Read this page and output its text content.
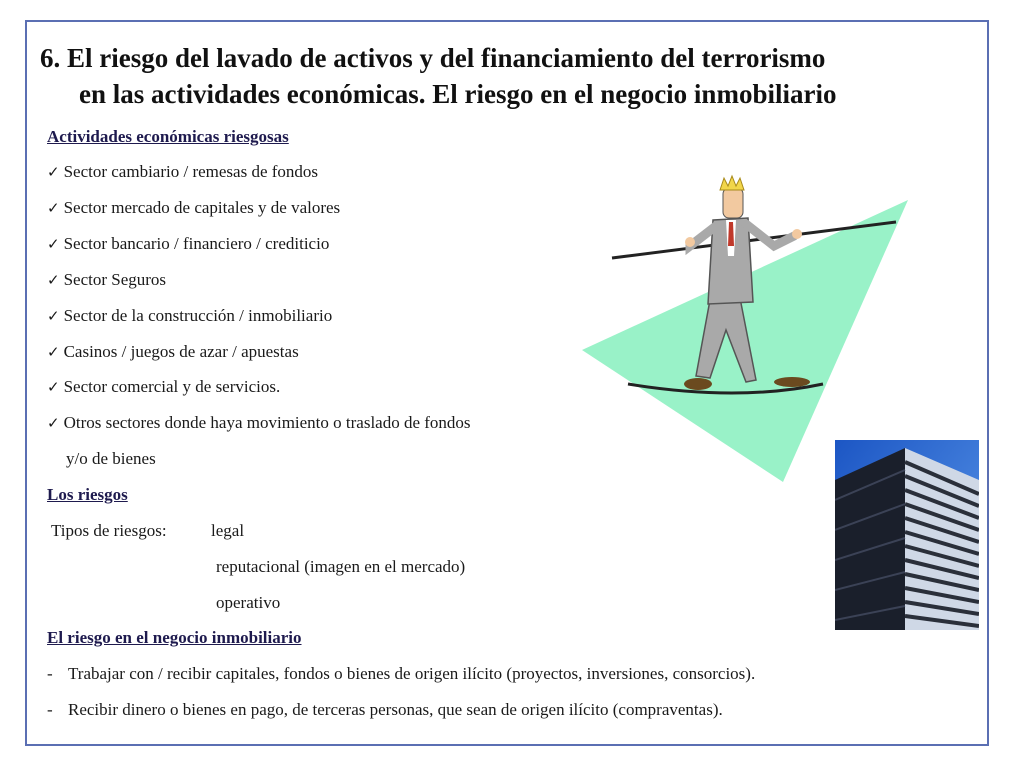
6. El riesgo del lavado de activos y del financiamiento del terrorismo
en las actividades económicas. El riesgo en el negocio inmobiliario
Actividades económicas riesgosas
✓ Sector cambiario / remesas de fondos
✓ Sector mercado de capitales y de valores
✓ Sector bancario / financiero / crediticio
✓ Sector Seguros
✓ Sector de la construcción / inmobiliario
✓ Casinos / juegos de azar / apuestas
✓ Sector comercial y de servicios.
✓ Otros sectores donde haya movimiento o traslado de fondos
y/o de bienes
Los riesgos
Tipos de riesgos:	legal
reputacional (imagen en el mercado)
operativo
El riesgo en el negocio inmobiliario
- Trabajar con / recibir capitales, fondos o bienes de origen ilícito (proyectos, inversiones, consorcios).
- Recibir dinero o bienes en pago, de terceras personas, que sean de origen ilícito (compraventas).
